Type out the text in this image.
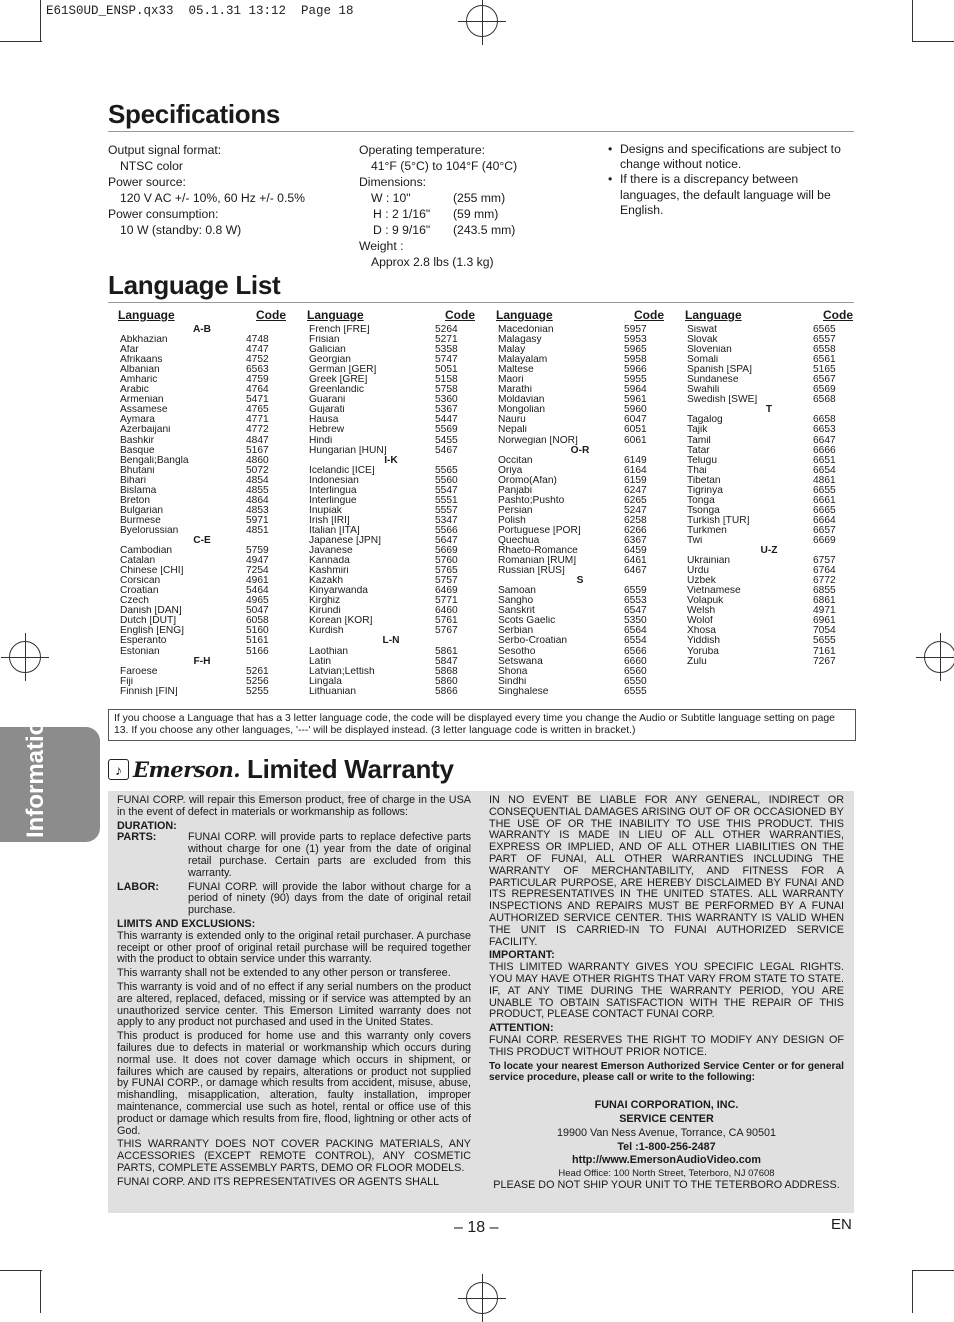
E61S0UD_ENSP.qx33  05.1.31 13:12  Page 18
Specifications
Output signal format:
NTSC color
Power source:
120 V AC +/- 10%, 60 Hz +/- 0.5%
Power consumption:
10 W (standby: 0.8 W)
Operating temperature:
41°F (5°C) to 104°F (40°C)
Dimensions:
W : 10"	(255 mm)
H : 2 1/16"	(59 mm)
D : 9 9/16"	(243.5 mm)
Weight :
Approx 2.8 lbs (1.3 kg)
• Designs and specifications are subject to change without notice.
• If there is a discrepancy between languages, the default language will be English.
Language List
Language	Code
A-B
Abkhazian	4748
Afar	4747
Afrikaans	4752
Albanian	6563
Amharic	4759
Arabic	4764
Armenian	5471
Assamese	4765
Aymara	4771
Azerbaijani	4772
Bashkir	4847
Basque	5167
Bengali;Bangla	4860
Bhutani	5072
Bihari	4854
Bislama	4855
Breton	4864
Bulgarian	4853
Burmese	5971
Byelorussian	4851
C-E
Cambodian	5759
Catalan	4947
Chinese [CHI]	7254
Corsican	4961
Croatian	5464
Czech	4965
Danish [DAN]	5047
Dutch [DUT]	6058
English [ENG]	5160
Esperanto	5161
Estonian	5166
F-H
Faroese	5261
Fiji	5256
Finnish [FIN]	5255
Language	Code
French [FRE]	5264
Frisian	5271
Galician	5358
Georgian	5747
German [GER]	5051
Greek [GRE]	5158
Greenlandic	5758
Guarani	5360
Gujarati	5367
Hausa	5447
Hebrew	5569
Hindi	5455
Hungarian [HUN]	5467
I-K
Icelandic [ICE]	5565
Indonesian	5560
Interlingua	5547
Interlingue	5551
Inupiak	5557
Irish [IRI]	5347
Italian [ITA]	5566
Japanese [JPN]	5647
Javanese	5669
Kannada	5760
Kashmiri	5765
Kazakh	5757
Kinyarwanda	6469
Kirghiz	5771
Kirundi	6460
Korean [KOR]	5761
Kurdish	5767
L-N
Laothian	5861
Latin	5847
Latvian;Lettish	5868
Lingala	5860
Lithuanian	5866
Language	Code
Macedonian	5957
Malagasy	5953
Malay	5965
Malayalam	5958
Maltese	5966
Maori	5955
Marathi	5964
Moldavian	5961
Mongolian	5960
Nauru	6047
Nepali	6051
Norwegian [NOR]	6061
O-R
Occitan	6149
Oriya	6164
Oromo(Afan)	6159
Panjabi	6247
Pashto;Pushto	6265
Persian	5247
Polish	6258
Portuguese [POR]	6266
Quechua	6367
Rhaeto-Romance	6459
Romanian [RUM]	6461
Russian [RUS]	6467
S
Samoan	6559
Sangho	6553
Sanskrit	6547
Scots Gaelic	5350
Serbian	6564
Serbo-Croatian	6554
Sesotho	6566
Setswana	6660
Shona	6560
Sindhi	6550
Singhalese	6555
Language	Code
Siswat	6565
Slovak	6557
Slovenian	6558
Somali	6561
Spanish [SPA]	5165
Sundanese	6567
Swahili	6569
Swedish [SWE]	6568
T
Tagalog	6658
Tajik	6653
Tamil	6647
Tatar	6666
Telugu	6651
Thai	6654
Tibetan	4861
Tigrinya	6655
Tonga	6661
Tsonga	6665
Turkish [TUR]	6664
Turkmen	6657
Twi	6669
U-Z
Ukrainian	6757
Urdu	6764
Uzbek	6772
Vietnamese	6855
Volapuk	6861
Welsh	4971
Wolof	6961
Xhosa	7054
Yiddish	5655
Yoruba	7161
Zulu	7267
If you choose a Language that has a 3 letter language code, the code will be displayed every time you change the Audio or Subtitle language setting on page 13. If you choose any other languages, '---' will be displayed instead. (3 letter language code is written in bracket.)
Information	♪ Emerson. Limited Warranty

FUNAI CORP. will repair this Emerson product, free of charge in the USA in the event of defect in materials or workmanship as follows:

DURATION:
PARTS:	FUNAI CORP. will provide parts to replace defective parts without charge for one (1) year from the date of original retail purchase. Certain parts are excluded from this warranty.
LABOR:	FUNAI CORP. will provide the labor without charge for a period of ninety (90) days from the date of original retail purchase.
LIMITS AND EXCLUSIONS:

This warranty is extended only to the original retail purchaser. A purchase receipt or other proof of original retail purchase will be required together with the product to obtain service under this warranty.

This warranty shall not be extended to any other person or transferee.

This warranty is void and of no effect if any serial numbers on the product are altered, replaced, defaced, missing or if service was attempted by an unauthorized service center. This Emerson Limited warranty does not apply to any product not purchased and used in the United States.

This product is produced for home use and this warranty only covers failures due to defects in material or workmanship which occurs during normal use. It does not cover damage which occurs in shipment, or failures which are caused by repairs, alterations or product not supplied by FUNAI CORP., or damage which results from accident, misuse, abuse, mishandling, misapplication, alteration, faulty installation, improper maintenance, commercial use such as hotel, rental or office use of this product or damage which results from fire, flood, lightning or other acts of God.

THIS WARRANTY DOES NOT COVER PACKING MATERIALS, ANY ACCESSORIES (EXCEPT REMOTE CONTROL), ANY COSMETIC PARTS, COMPLETE ASSEMBLY PARTS, DEMO OR FLOOR MODELS.

FUNAI CORP. AND ITS REPRESENTATIVES OR AGENTS SHALL

IN NO EVENT BE LIABLE FOR ANY GENERAL, INDIRECT OR CONSEQUENTIAL DAMAGES ARISING OUT OF OR OCCASIONED BY THE USE OF OR THE INABILITY TO USE THIS PRODUCT. THIS WARRANTY IS MADE IN LIEU OF ALL OTHER WARRANTIES, EXPRESS OR IMPLIED, AND OF ALL OTHER LIABILITIES ON THE PART OF FUNAI, ALL OTHER WARRANTIES INCLUDING THE WARRANTY OF MERCHANTABILITY, AND FITNESS FOR A PARTICULAR PURPOSE, ARE HEREBY DISCLAIMED BY FUNAI AND ITS REPRESENTATIVES IN THE UNITED STATES. ALL WARRANTY INSPECTIONS AND REPAIRS MUST BE PERFORMED BY A FUNAI AUTHORIZED SERVICE CENTER. THIS WARRANTY IS VALID WHEN THE UNIT IS CARRIED-IN TO FUNAI AUTHORIZED SERVICE FACILITY.

IMPORTANT:

THIS LIMITED WARRANTY GIVES YOU SPECIFIC LEGAL RIGHTS. YOU MAY HAVE OTHER RIGHTS THAT VARY FROM STATE TO STATE. IF, AT ANY TIME DURING THE WARRANTY PERIOD, YOU ARE UNABLE TO OBTAIN SATISFACTION WITH THE REPAIR OF THIS PRODUCT, PLEASE CONTACT FUNAI CORP.

ATTENTION:

FUNAI CORP. RESERVES THE RIGHT TO MODIFY ANY DESIGN OF THIS PRODUCT WITHOUT PRIOR NOTICE.

To locate your nearest Emerson Authorized Service Center or for general service procedure, please call or write to the following:

FUNAI CORPORATION, INC.
SERVICE CENTER
19900 Van Ness Avenue, Torrance, CA 90501
Tel :1-800-256-2487
http://www.EmersonAudioVideo.com
Head Office: 100 North Street, Teterboro, NJ 07608
PLEASE DO NOT SHIP YOUR UNIT TO THE TETERBORO ADDRESS.
– 18 –	EN
